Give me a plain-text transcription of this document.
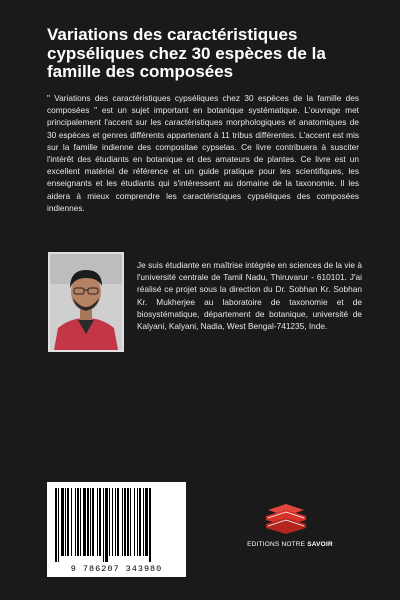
Variations des caractéristiques cypséliques chez 30 espèces de la famille des composées

" Variations des caractéristiques cypséliques chez 30 espèces de la famille des composées " est un sujet important en botanique systématique. L'ouvrage met principalement l'accent sur les caractéristiques morphologiques et anatomiques de 30 espèces et genres différents appartenant à 11 tribus différentes. L'accent est mis sur la famille indienne des compositae cypselas. Ce livre contribuera à susciter l'intérêt des étudiants en botanique et des amateurs de plantes. Ce livre est un excellent matériel de référence et un guide pratique pour les scientifiques, les enseignants et les étudiants qui s'intéressent au domaine de la taxonomie. Il les aidera à mieux comprendre les caractéristiques cypséliques des composées indiennes.

Je suis étudiante en maîtrise intégrée en sciences de la vie à l'université centrale de Tamil Nadu, Thiruvarur - 610101. J'ai réalisé ce projet sous la direction du Dr. Sobhan Kr. Sobhan Kr. Mukherjee au laboratoire de taxonomie et de biosystématique, département de botanique, université de Kalyani, Kalyani, Nadia, West Bengal-741235, Inde.

9 786207 343980
EDITIONS NOTRE SAVOIR
